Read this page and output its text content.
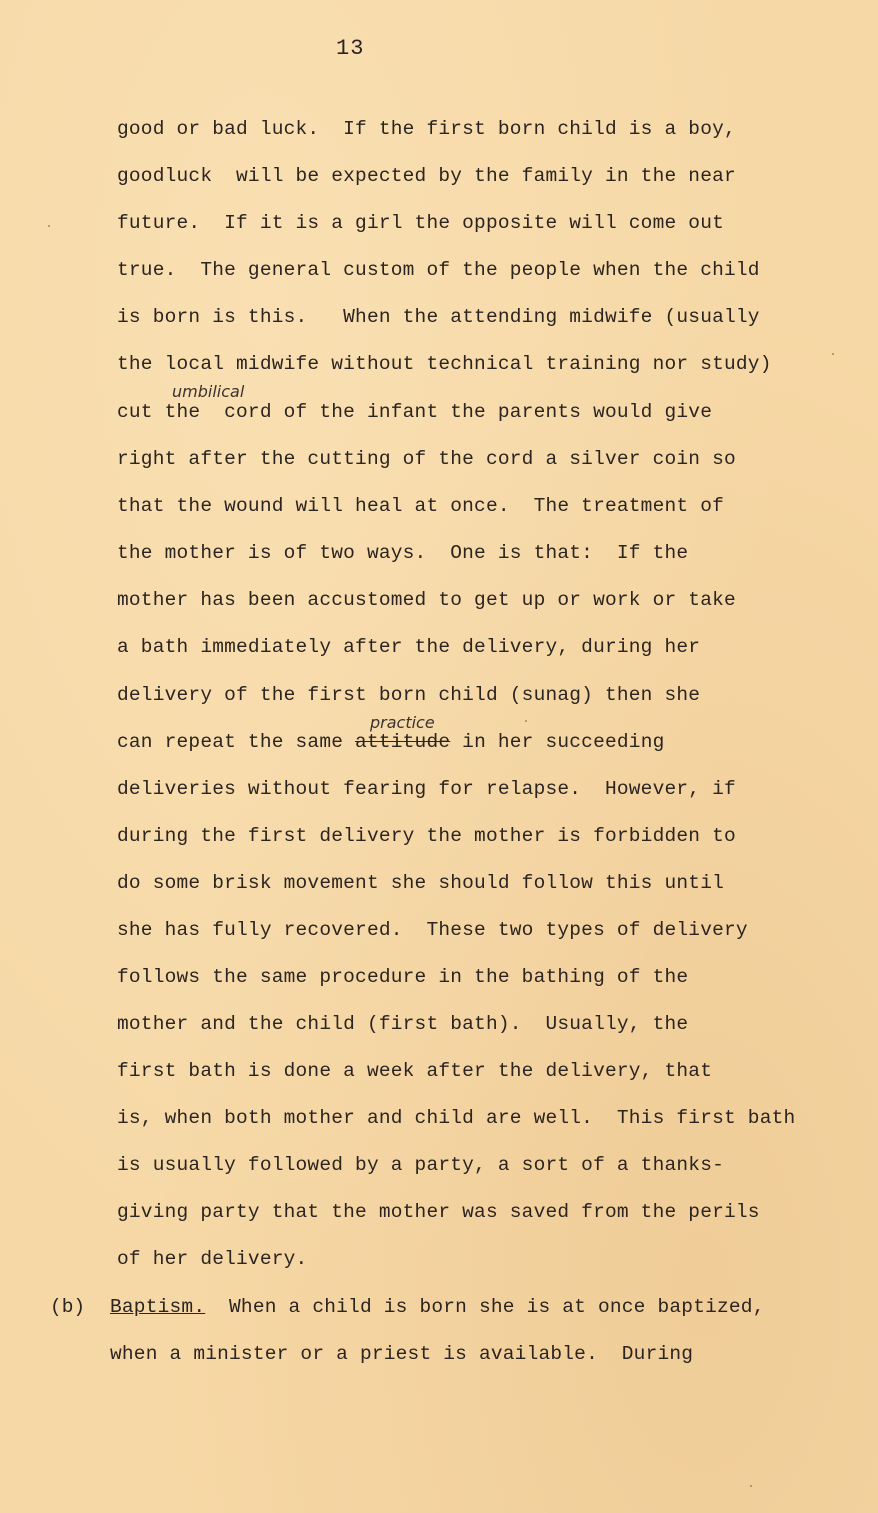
13
good or bad luck.  If the first born child is a boy,
goodluck  will be expected by the family in the near
future.  If it is a girl the opposite will come out
true.  The general custom of the people when the child
is born is this.   When the attending midwife (usually
the local midwife without technical training nor study)
umbilical
cut the  cord of the infant the parents would give
right after the cutting of the cord a silver coin so
that the wound will heal at once.  The treatment of
the mother is of two ways.  One is that:  If the
mother has been accustomed to get up or work or take
a bath immediately after the delivery, during her
delivery of the first born child (sunag) then she
practice
can repeat the same attitude in her succeeding
deliveries without fearing for relapse.  However, if
during the first delivery the mother is forbidden to
do some brisk movement she should follow this until
she has fully recovered.  These two types of delivery
follows the same procedure in the bathing of the
mother and the child (first bath).  Usually, the
first bath is done a week after the delivery, that
is, when both mother and child are well.  This first bath
is usually followed by a party, a sort of a thanks-
giving party that the mother was saved from the perils
of her delivery.
(b) Baptism.  When a child is born she is at once baptized,
when a minister or a priest is available.  During
